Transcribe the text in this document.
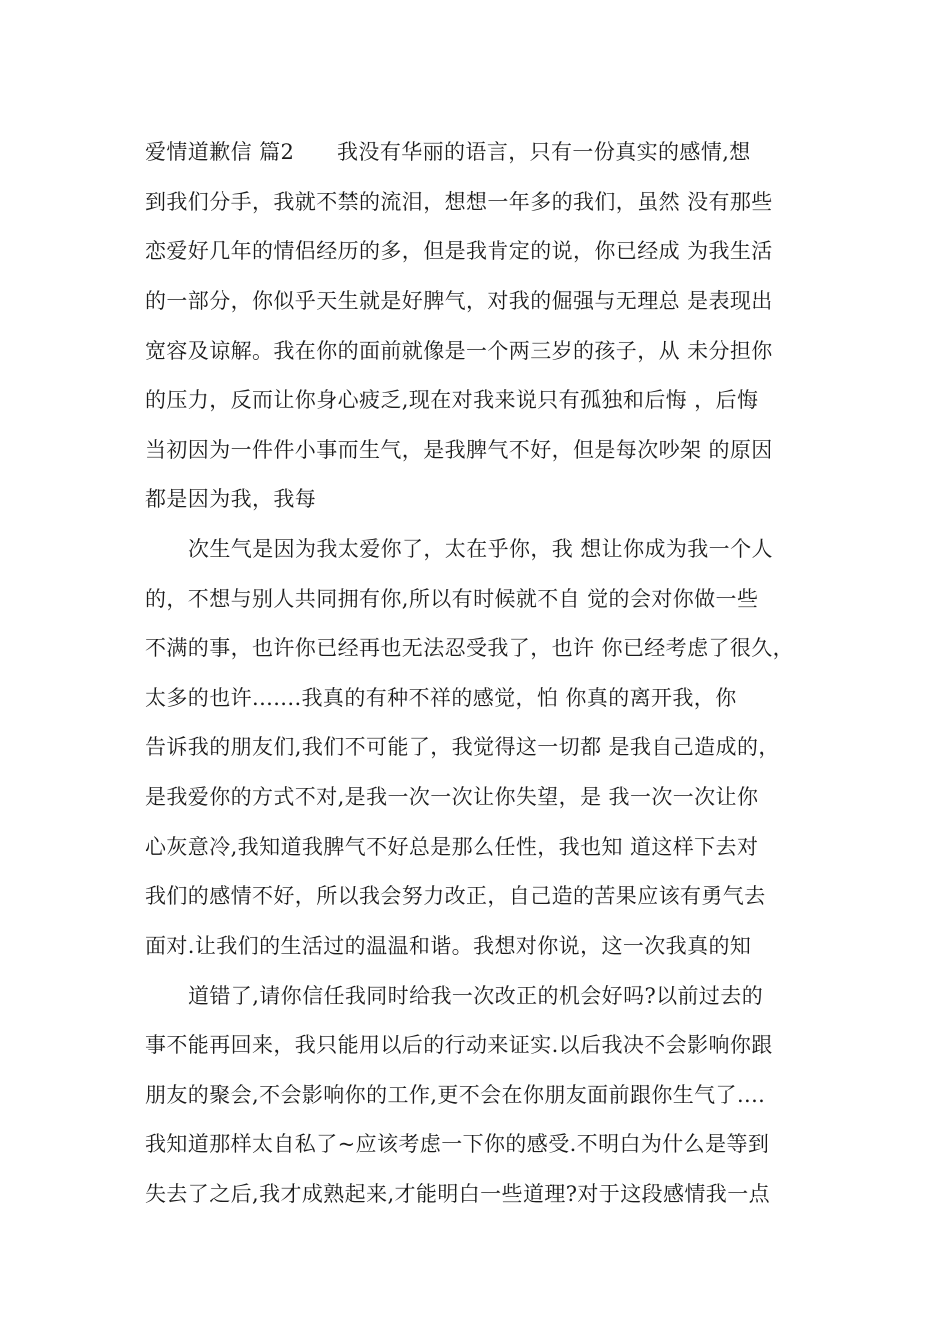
爱情道歉信 篇2　　我没有华丽的语言，只有一份真实的感情,想
到我们分手，我就不禁的流泪，想想一年多的我们，虽然 没有那些
恋爱好几年的情侣经历的多，但是我肯定的说，你已经成 为我生活
的一部分，你似乎天生就是好脾气，对我的倔强与无理总 是表现出
宽容及谅解。我在你的面前就像是一个两三岁的孩子，从 未分担你
的压力，反而让你身心疲乏,现在对我来说只有孤独和后悔 ，后悔
当初因为一件件小事而生气，是我脾气不好，但是每次吵架 的原因
都是因为我，我每
次生气是因为我太爱你了，太在乎你，我 想让你成为我一个人
的，不想与别人共同拥有你,所以有时候就不自 觉的会对你做一些
不满的事，也许你已经再也无法忍受我了，也许 你已经考虑了很久，
太多的也许.......我真的有种不祥的感觉，怕 你真的离开我，你
告诉我的朋友们,我们不可能了，我觉得这一切都 是我自己造成的，
是我爱你的方式不对,是我一次一次让你失望，是 我一次一次让你
心灰意冷,我知道我脾气不好总是那么任性，我也知 道这样下去对
我们的感情不好，所以我会努力改正，自己造的苦果应该有勇气去
面对.让我们的生活过的温温和谐。我想对你说，这一次我真的知
道错了,请你信任我同时给我一次改正的机会好吗?以前过去的
事不能再回来，我只能用以后的行动来证实.以后我决不会影响你跟
朋友的聚会,不会影响你的工作,更不会在你朋友面前跟你生气了....
我知道那样太自私了~应该考虑一下你的感受.不明白为什么是等到
失去了之后,我才成熟起来,才能明白一些道理?对于这段感情我一点
